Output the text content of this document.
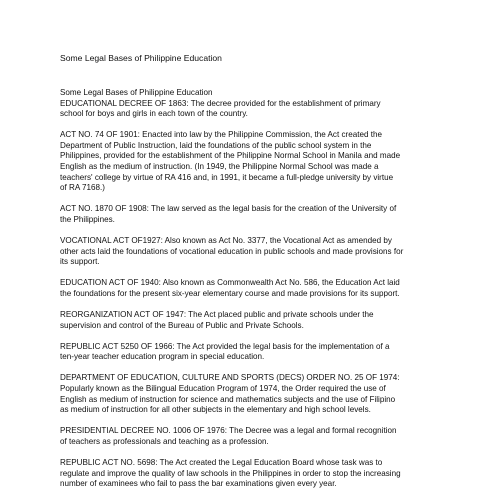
Some Legal Bases of Philippine Education

Some Legal Bases of Philippine Education
EDUCATIONAL DECREE OF 1863: The decree provided for the establishment of primary
school for boys and girls in each town of the country.

ACT NO. 74 OF 1901: Enacted into law by the Philippine Commission, the Act created the
Department of Public Instruction, laid the foundations of the public school system in the
Philippines, provided for the establishment of the Philippine Normal School in Manila and made
English as the medium of instruction. (In 1949, the Philippine Normal School was made a
teachers' college by virtue of RA 416 and, in 1991, it became a full-pledge university by virtue
of RA 7168.)

ACT NO. 1870 OF 1908: The law served as the legal basis for the creation of the University of
the Philippines.

VOCATIONAL ACT OF1927: Also known as Act No. 3377, the Vocational Act as amended by
other acts laid the foundations of vocational education in public schools and made provisions for
its support.

EDUCATION ACT OF 1940: Also known as Commonwealth Act No. 586, the Education Act laid
the foundations for the present six-year elementary course and made provisions for its support.

REORGANIZATION ACT OF 1947: The Act placed public and private schools under the
supervision and control of the Bureau of Public and Private Schools.

REPUBLIC ACT 5250 OF 1966: The Act provided the legal basis for the implementation of a
ten-year teacher education program in special education.

DEPARTMENT OF EDUCATION, CULTURE AND SPORTS (DECS) ORDER NO. 25 OF 1974:
Popularly known as the Bilingual Education Program of 1974, the Order required the use of
English as medium of instruction for science and mathematics subjects and the use of Filipino
as medium of instruction for all other subjects in the elementary and high school levels.

PRESIDENTIAL DECREE NO. 1006 OF 1976: The Decree was a legal and formal recognition
of teachers as professionals and teaching as a profession.

REPUBLIC ACT NO. 5698: The Act created the Legal Education Board whose task was to
regulate and improve the quality of law schools in the Philippines in order to stop the increasing
number of examinees who fail to pass the bar examinations given every year.
